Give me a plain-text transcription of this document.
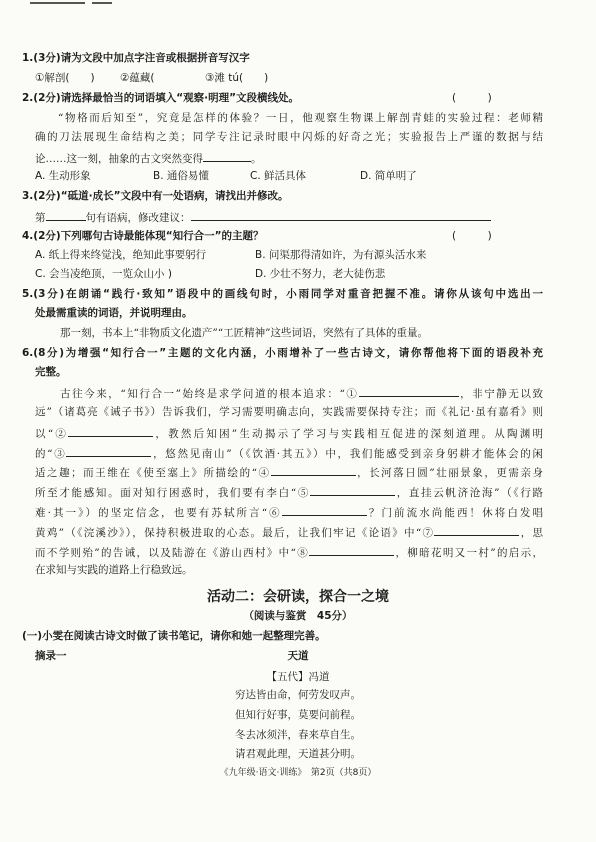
1.(3分)请为文段中加点字注音或根据拼音写汉字
①解剖(　　) ②蕴藏(	③滩 tú(　　)
2.(2分)请选择最恰当的词语填入“观察·明理”文段横线处。	(　　　)
“物格而后知至”，究竟是怎样的体验？一日，他观察生物课上解剖青蛙的实验过程：老师精
确的刀法展现生命结构之美；同学专注记录时眼中闪烁的好奇之光；实验报告上严谨的数据与结
论……这一刻，抽象的古文突然变得	。
A. 生动形象	B. 通俗易懂	C. 鲜活具体	D. 简单明了
3.(2分)“砥道·成长”文段中有一处语病，请找出并修改。
第	句有语病，修改建议：
4.(2分)下列哪句古诗最能体现“知行合一”的主题？	(　　　)
A. 纸上得来终觉浅，绝知此事要躬行	B. 问渠那得清如许，为有源头活水来
C. 会当凌绝顶，一览众山小 )	D. 少壮不努力，老大徒伤悲
5.(3分)在朗诵“践行·致知”语段中的画线句时，小雨同学对重音把握不准。请你从该句中选出一
处最需重读的词语，并说明理由。
那一刻，书本上“非物质文化遗产”“工匠精神”这些词语，突然有了具体的重量。
6.(8分)为增强“知行合一”主题的文化内涵，小雨增补了一些古诗文，请你帮他将下面的语段补充
完整。
古往今来，“知行合一”始终是求学问道的根本追求：“①	，非宁静无以致
远”（诸葛亮《诫子书》）告诉我们，学习需要明确志向，实践需要保持专注；而《礼记·虽有嘉肴》则
以“②	，教然后知困”生动揭示了学习与实践相互促进的深刻道理。从陶渊明
的“③	，悠然见南山”（《饮酒·其五》）中，我们能感受到亲身躬耕才能体会的闲
适之趣；而王维在《使至塞上》所描绘的“④	，长河落日圆”壮丽景象，更需亲身
所至才能感知。面对知行困惑时，我们要有李白“⑤	，直挂云帆济沧海”（《行路
难·其一》）的坚定信念，也要有苏轼所言“⑥	？门前流水尚能西！休将白发唱
黄鸡”（《浣溪沙》），保持积极进取的心态。最后，让我们牢记《论语》中“⑦	，思
而不学则殆”的告诫，以及陆游在《游山西村》中“⑧	，柳暗花明又一村”的启示，
在求知与实践的道路上行稳致远。
活动二：会研读，探合一之境
（阅读与鉴赏　45分）
(一)小雯在阅读古诗文时做了读书笔记，请你和她一起整理完善。
摘录一	天道
【五代】冯道
穷达皆由命，何劳发叹声。
但知行好事，莫要问前程。
冬去冰须泮，春来草自生。
请君观此理，天道甚分明。
《九年级·语文·训练》　第2页（共8页）
